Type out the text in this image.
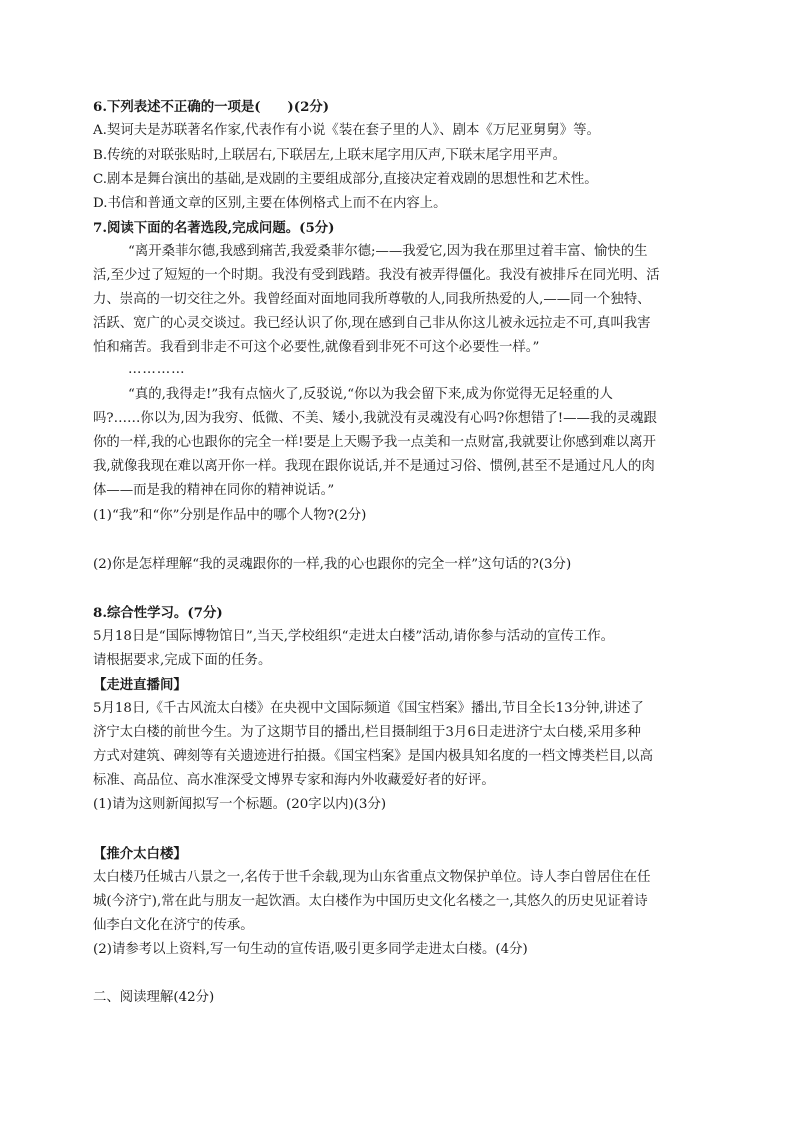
6.下列表述不正确的一项是(　　)(2分)
A.契诃夫是苏联著名作家,代表作有小说《装在套子里的人》、剧本《万尼亚舅舅》等。
B.传统的对联张贴时,上联居右,下联居左,上联末尾字用仄声,下联末尾字用平声。
C.剧本是舞台演出的基础,是戏剧的主要组成部分,直接决定着戏剧的思想性和艺术性。
D.书信和普通文章的区别,主要在体例格式上而不在内容上。
7.阅读下面的名著选段,完成问题。(5分)
“离开桑菲尔德,我感到痛苦,我爱桑菲尔德;——我爱它,因为我在那里过着丰富、愉快的生
活,至少过了短短的一个时期。我没有受到践踏。我没有被弄得僵化。我没有被排斥在同光明、活
力、崇高的一切交往之外。我曾经面对面地同我所尊敬的人,同我所热爱的人,——同一个独特、
活跃、宽广的心灵交谈过。我已经认识了你,现在感到自己非从你这儿被永远拉走不可,真叫我害
怕和痛苦。我看到非走不可这个必要性,就像看到非死不可这个必要性一样。”
…………
“真的,我得走!”我有点恼火了,反驳说,“你以为我会留下来,成为你觉得无足轻重的人
吗?……你以为,因为我穷、低微、不美、矮小,我就没有灵魂没有心吗?你想错了!——我的灵魂跟
你的一样,我的心也跟你的完全一样!要是上天赐予我一点美和一点财富,我就要让你感到难以离开
我,就像我现在难以离开你一样。我现在跟你说话,并不是通过习俗、惯例,甚至不是通过凡人的肉
体——而是我的精神在同你的精神说话。”
(1)“我”和“你”分别是作品中的哪个人物?(2分)
(2)你是怎样理解“我的灵魂跟你的一样,我的心也跟你的完全一样”这句话的?(3分)
8.综合性学习。(7分)
5月18日是“国际博物馆日”,当天,学校组织“走进太白楼”活动,请你参与活动的宣传工作。
请根据要求,完成下面的任务。
【走进直播间】
5月18日,《千古风流太白楼》在央视中文国际频道《国宝档案》播出,节目全长13分钟,讲述了
济宁太白楼的前世今生。为了这期节目的播出,栏目摄制组于3月6日走进济宁太白楼,采用多种
方式对建筑、碑刻等有关遗迹进行拍摄。《国宝档案》是国内极具知名度的一档文博类栏目,以高
标准、高品位、高水准深受文博界专家和海内外收藏爱好者的好评。
(1)请为这则新闻拟写一个标题。(20字以内)(3分)
【推介太白楼】
太白楼乃任城古八景之一,名传于世千余载,现为山东省重点文物保护单位。诗人李白曾居住在任
城(今济宁),常在此与朋友一起饮酒。太白楼作为中国历史文化名楼之一,其悠久的历史见证着诗
仙李白文化在济宁的传承。
(2)请参考以上资料,写一句生动的宣传语,吸引更多同学走进太白楼。(4分)
二、阅读理解(42分)
